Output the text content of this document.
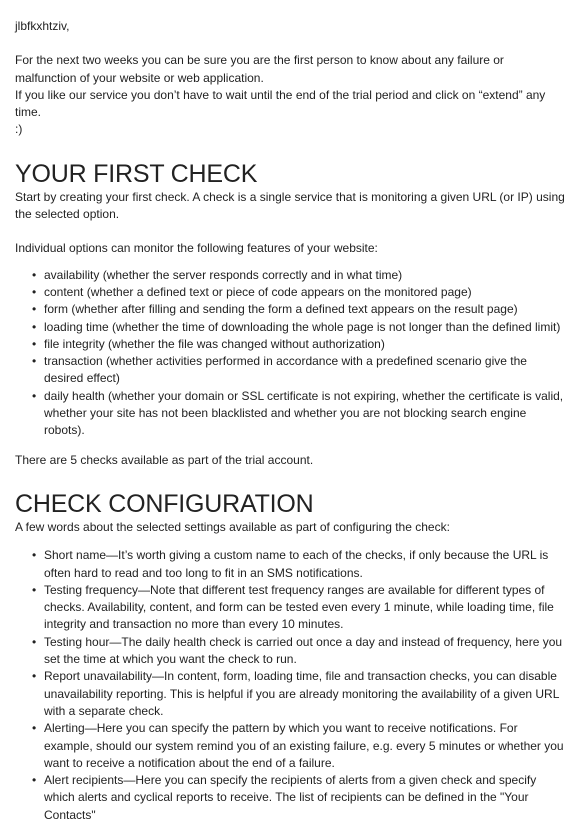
jlbfkxhtziv,

For the next two weeks you can be sure you are the first person to know about any failure or malfunction of your website or web application.

If you like our service you don’t have to wait until the end of the trial period and click on “extend” any time.

:)

YOUR FIRST CHECK

Start by creating your first check. A check is a single service that is monitoring a given URL (or IP) using the selected option.

Individual options can monitor the following features of your website:

• availability (whether the server responds correctly and in what time)
• content (whether a defined text or piece of code appears on the monitored page)
• form (whether after filling and sending the form a defined text appears on the result page)
• loading time (whether the time of downloading the whole page is not longer than the defined limit)
• file integrity (whether the file was changed without authorization)
• transaction (whether activities performed in accordance with a predefined scenario give the desired effect)
• daily health (whether your domain or SSL certificate is not expiring, whether the certificate is valid, whether your site has not been blacklisted and whether you are not blocking search engine robots).

There are 5 checks available as part of the trial account.

CHECK CONFIGURATION

A few words about the selected settings available as part of configuring the check:

• Short name—It’s worth giving a custom name to each of the checks, if only because the URL is often hard to read and too long to fit in an SMS notifications.
• Testing frequency—Note that different test frequency ranges are available for different types of checks. Availability, content, and form can be tested even every 1 minute, while loading time, file integrity and transaction no more than every 10 minutes.
• Testing hour—The daily health check is carried out once a day and instead of frequency, here you set the time at which you want the check to run.
• Report unavailability—In content, form, loading time, file and transaction checks, you can disable unavailability reporting. This is helpful if you are already monitoring the availability of a given URL with a separate check.
• Alerting—Here you can specify the pattern by which you want to receive notifications. For example, should our system remind you of an existing failure, e.g. every 5 minutes or whether you want to receive a notification about the end of a failure.
• Alert recipients—Here you can specify the recipients of alerts from a given check and specify which alerts and cyclical reports to receive. The list of recipients can be defined in the "Your Contacts"
